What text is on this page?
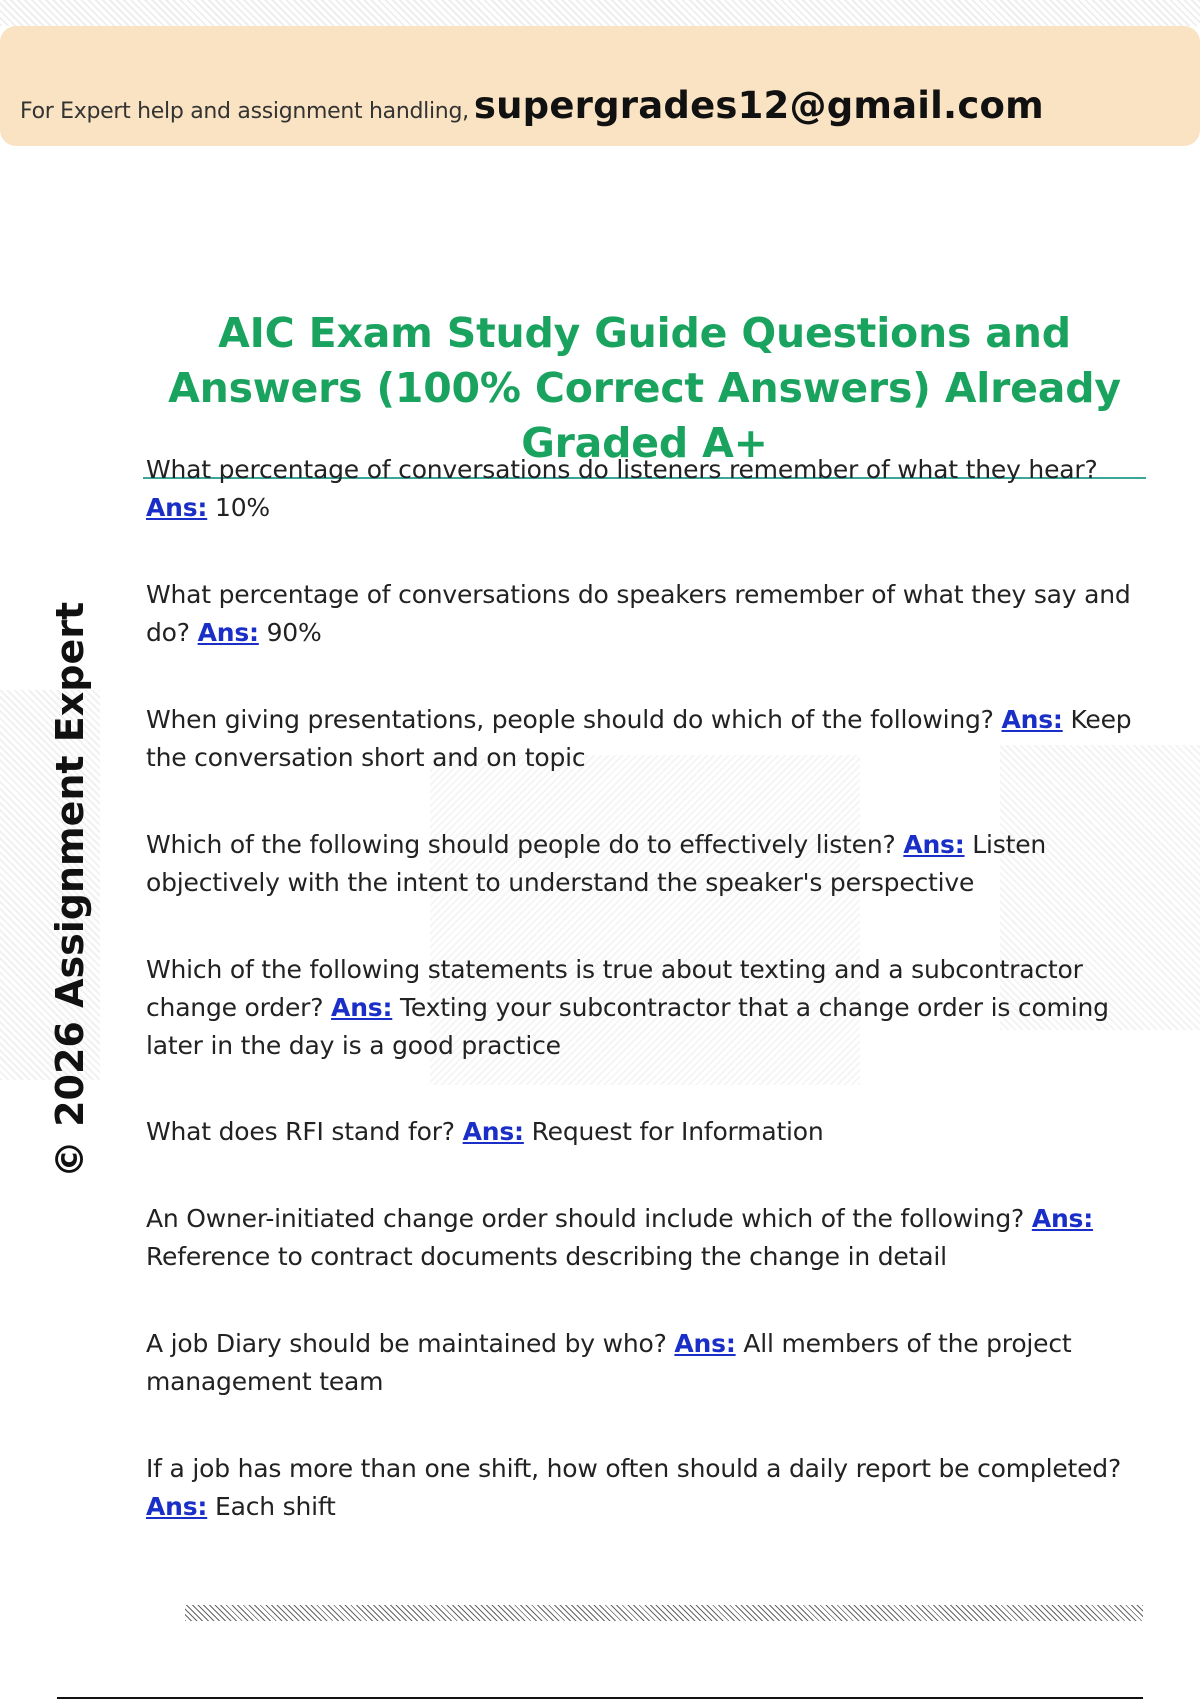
For Expert help and assignment handling, supergrades12@gmail.com
© 2026 Assignment Expert
AIC Exam Study Guide Questions and Answers (100% Correct Answers) Already Graded A+
What percentage of conversations do listeners remember of what they hear? Ans: 10%
What percentage of conversations do speakers remember of what they say and do? Ans: 90%
When giving presentations, people should do which of the following? Ans: Keep the conversation short and on topic
Which of the following should people do to effectively listen? Ans: Listen objectively with the intent to understand the speaker's perspective
Which of the following statements is true about texting and a subcontractor change order? Ans: Texting your subcontractor that a change order is coming later in the day is a good practice
What does RFI stand for? Ans: Request for Information
An Owner-initiated change order should include which of the following? Ans: Reference to contract documents describing the change in detail
A job Diary should be maintained by who? Ans: All members of the project management team
If a job has more than one shift, how often should a daily report be completed? Ans: Each shift
